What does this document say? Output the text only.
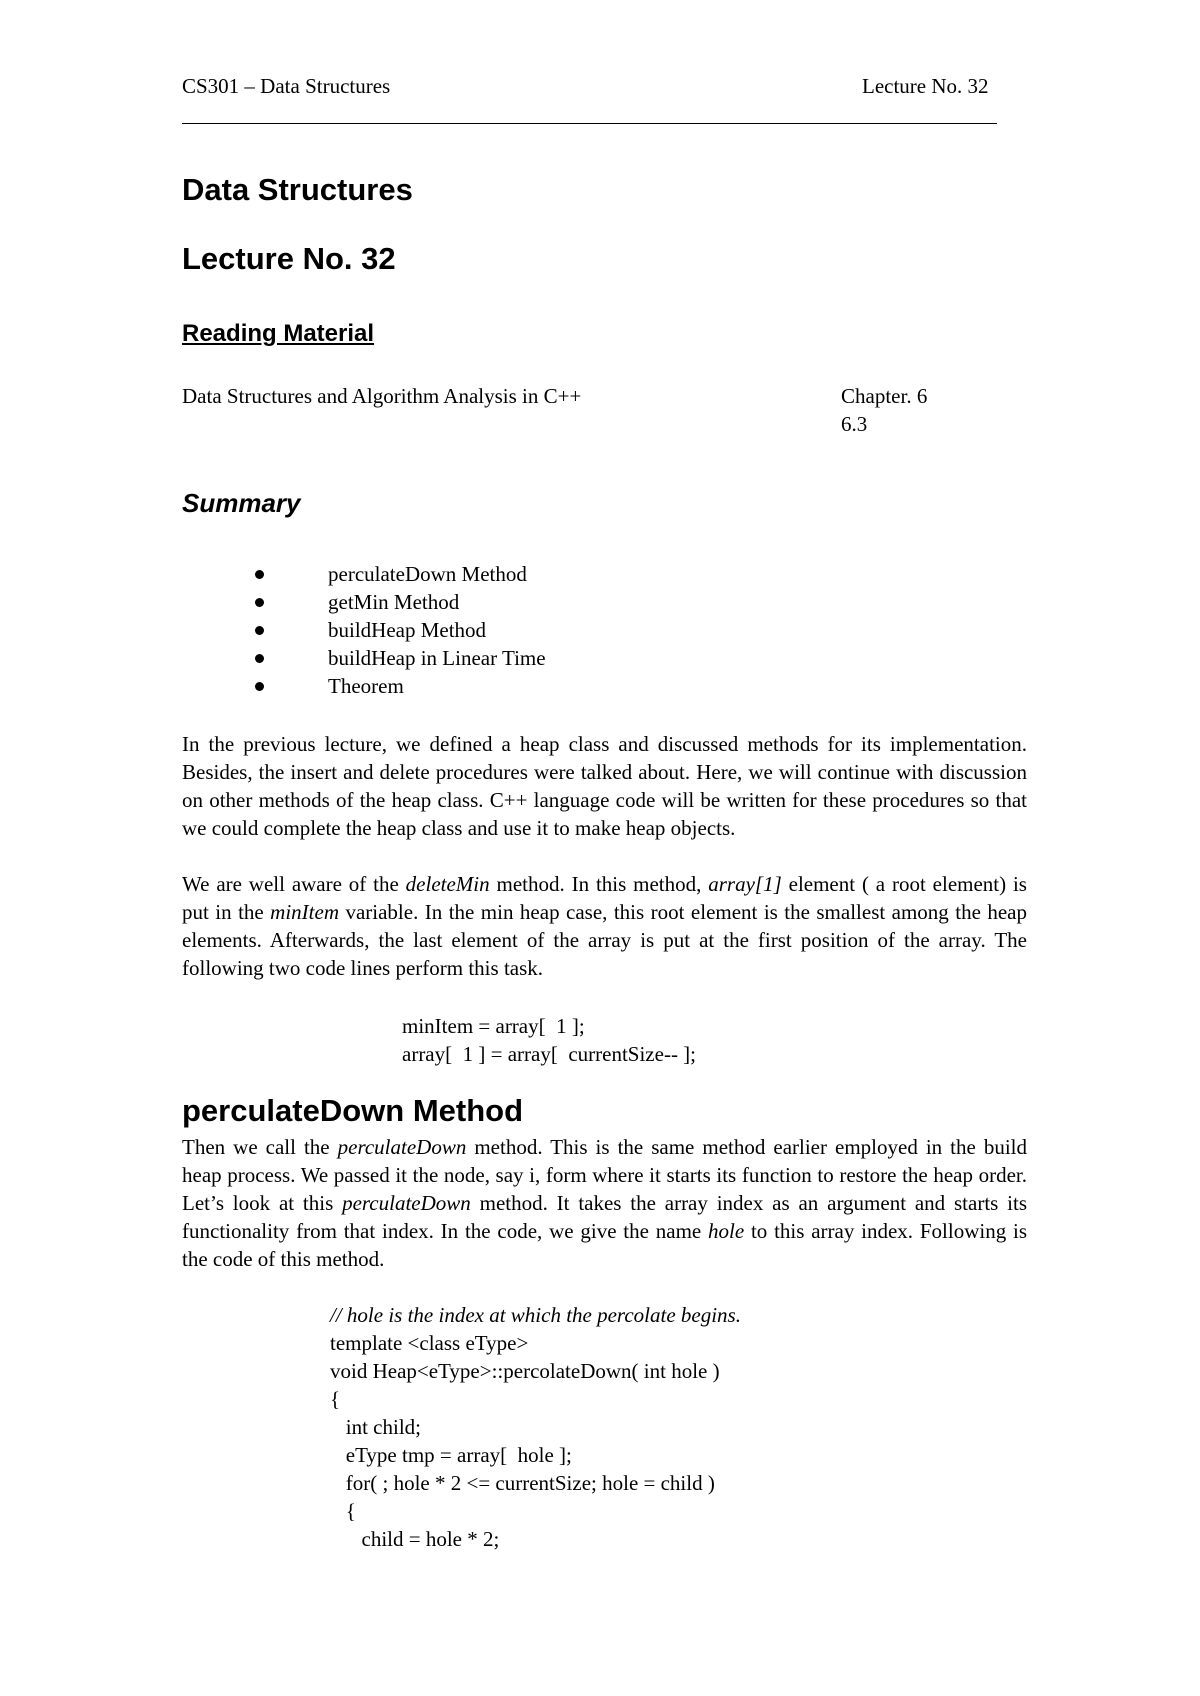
CS301 – Data Structures	Lecture No. 32
Data Structures
Lecture No. 32
Reading Material
Data Structures and Algorithm Analysis in C++	Chapter. 6
6.3
Summary
perculateDown Method
getMin Method
buildHeap Method
buildHeap in Linear Time
Theorem

In the previous lecture, we defined a heap class and discussed methods for its implementation. Besides, the insert and delete procedures were talked about. Here, we will continue with discussion on other methods of the heap class. C++ language code will be written for these procedures so that we could complete the heap class and use it to make heap objects.

We are well aware of the deleteMin method. In this method, array[1] element ( a root element) is put in the minItem variable. In the min heap case, this root element is the smallest among the heap elements. Afterwards, the last element of the array is put at the first position of the array. The following two code lines perform this task.

minItem = array[  1 ];
array[  1 ] = array[  currentSize-- ];
perculateDown Method

Then we call the perculateDown method. This is the same method earlier employed in the build heap process. We passed it the node, say i, form where it starts its function to restore the heap order. Let’s look at this perculateDown method. It takes the array index as an argument and starts its functionality from that index. In the code, we give the name hole to this array index. Following is the code of this method.

// hole is the index at which the percolate begins.
template <class eType>
void Heap<eType>::percolateDown( int hole )
{
int child;
eType tmp = array[  hole ];
for( ; hole * 2 <= currentSize; hole = child )
{
child = hole * 2;
